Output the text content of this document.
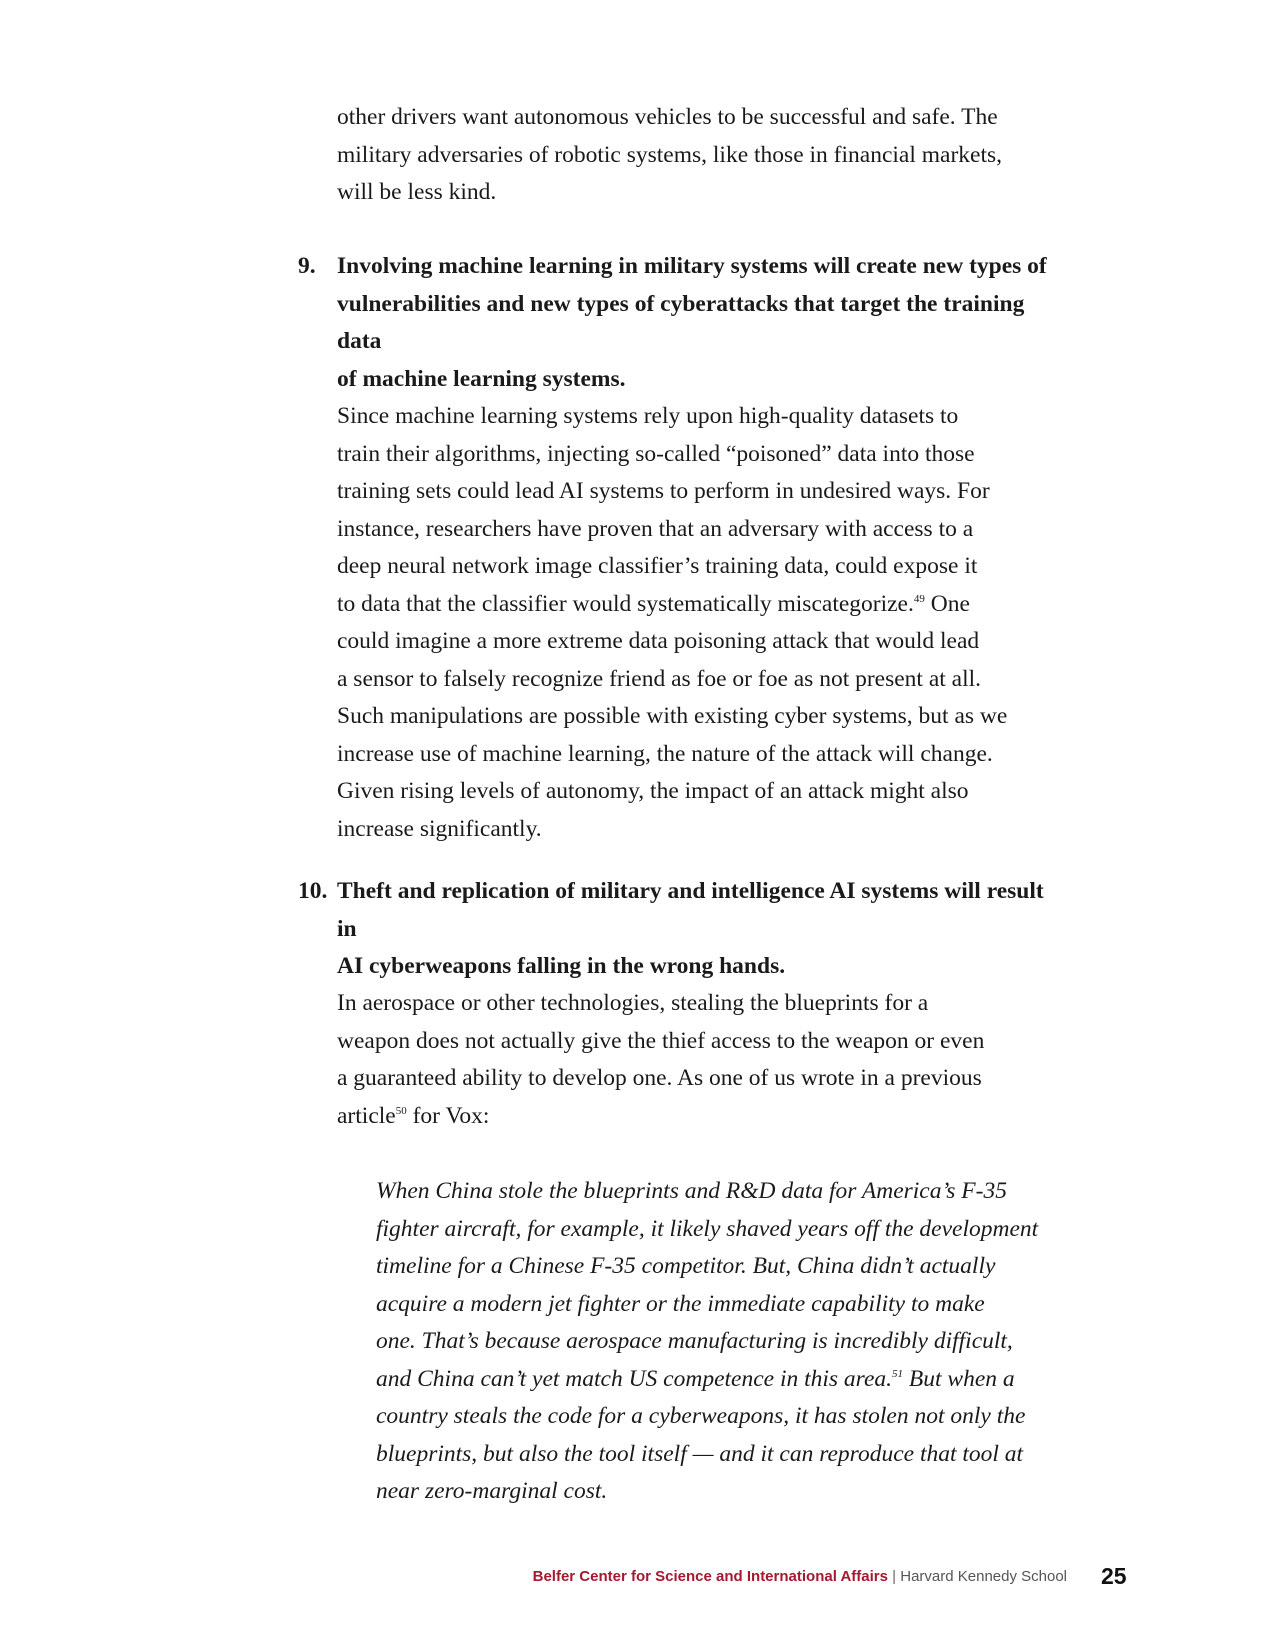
other drivers want autonomous vehicles to be successful and safe. The

military adversaries of robotic systems, like those in financial markets,

will be less kind.

9. Involving machine learning in military systems will create new types of

vulnerabilities and new types of cyberattacks that target the training data

of machine learning systems.

Since machine learning systems rely upon high-quality datasets to

train their algorithms, injecting so-called “poisoned” data into those

training sets could lead AI systems to perform in undesired ways. For

instance, researchers have proven that an adversary with access to a

deep neural network image classifier’s training data, could expose it

to data that the classifier would systematically miscategorize.$^{49}$ One

could imagine a more extreme data poisoning attack that would lead

a sensor to falsely recognize friend as foe or foe as not present at all.

Such manipulations are possible with existing cyber systems, but as we

increase use of machine learning, the nature of the attack will change.

Given rising levels of autonomy, the impact of an attack might also

increase significantly.

10. Theft and replication of military and intelligence AI systems will result in

AI cyberweapons falling in the wrong hands.

In aerospace or other technologies, stealing the blueprints for a

weapon does not actually give the thief access to the weapon or even

a guaranteed ability to develop one. As one of us wrote in a previous

article$^{50}$ for Vox:

When China stole the blueprints and R&D data for America’s F-35

fighter aircraft, for example, it likely shaved years off the development

timeline for a Chinese F-35 competitor. But, China didn’t actually

acquire a modern jet fighter or the immediate capability to make

one. That’s because aerospace manufacturing is incredibly difficult,

and China can’t yet match US competence in this area.$^{51}$ But when a

country steals the code for a cyberweapons, it has stolen not only the

blueprints, but also the tool itself — and it can reproduce that tool at

near zero-marginal cost.

Belfer Center for Science and International Affairs | Harvard Kennedy School 25
